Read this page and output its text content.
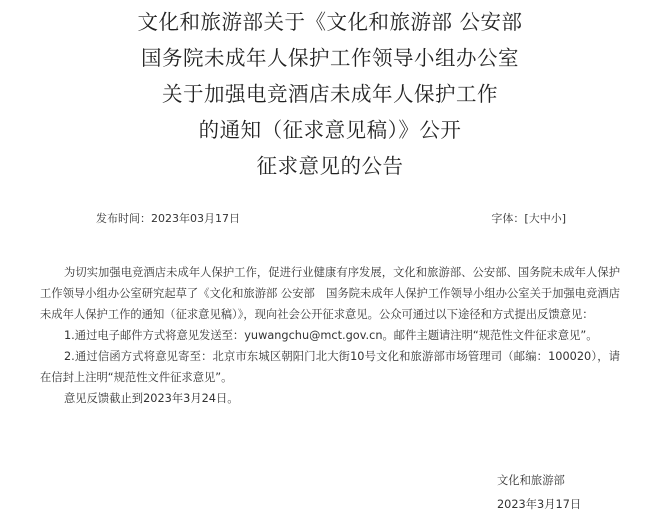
文化和旅游部关于《文化和旅游部 公安部
国务院未成年人保护工作领导小组办公室
关于加强电竞酒店未成年人保护工作
的通知（征求意见稿）》公开
征求意见的公告
发布时间：2023年03月17日	字体：[大中小]

为切实加强电竞酒店未成年人保护工作，促进行业健康有序发展，文化和旅游部、公安部、国务院未成年人保护工作领导小组办公室研究起草了《文化和旅游部 公安部　国务院未成年人保护工作领导小组办公室关于加强电竞酒店未成年人保护工作的通知（征求意见稿）》，现向社会公开征求意见。公众可通过以下途径和方式提出反馈意见：

1.通过电子邮件方式将意见发送至：yuwangchu@mct.gov.cn。邮件主题请注明“规范性文件征求意见”。

2.通过信函方式将意见寄至：北京市东城区朝阳门北大街10号文化和旅游部市场管理司（邮编：100020），请在信封上注明“规范性文件征求意见”。

意见反馈截止到2023年3月24日。

文化和旅游部
2023年3月17日
